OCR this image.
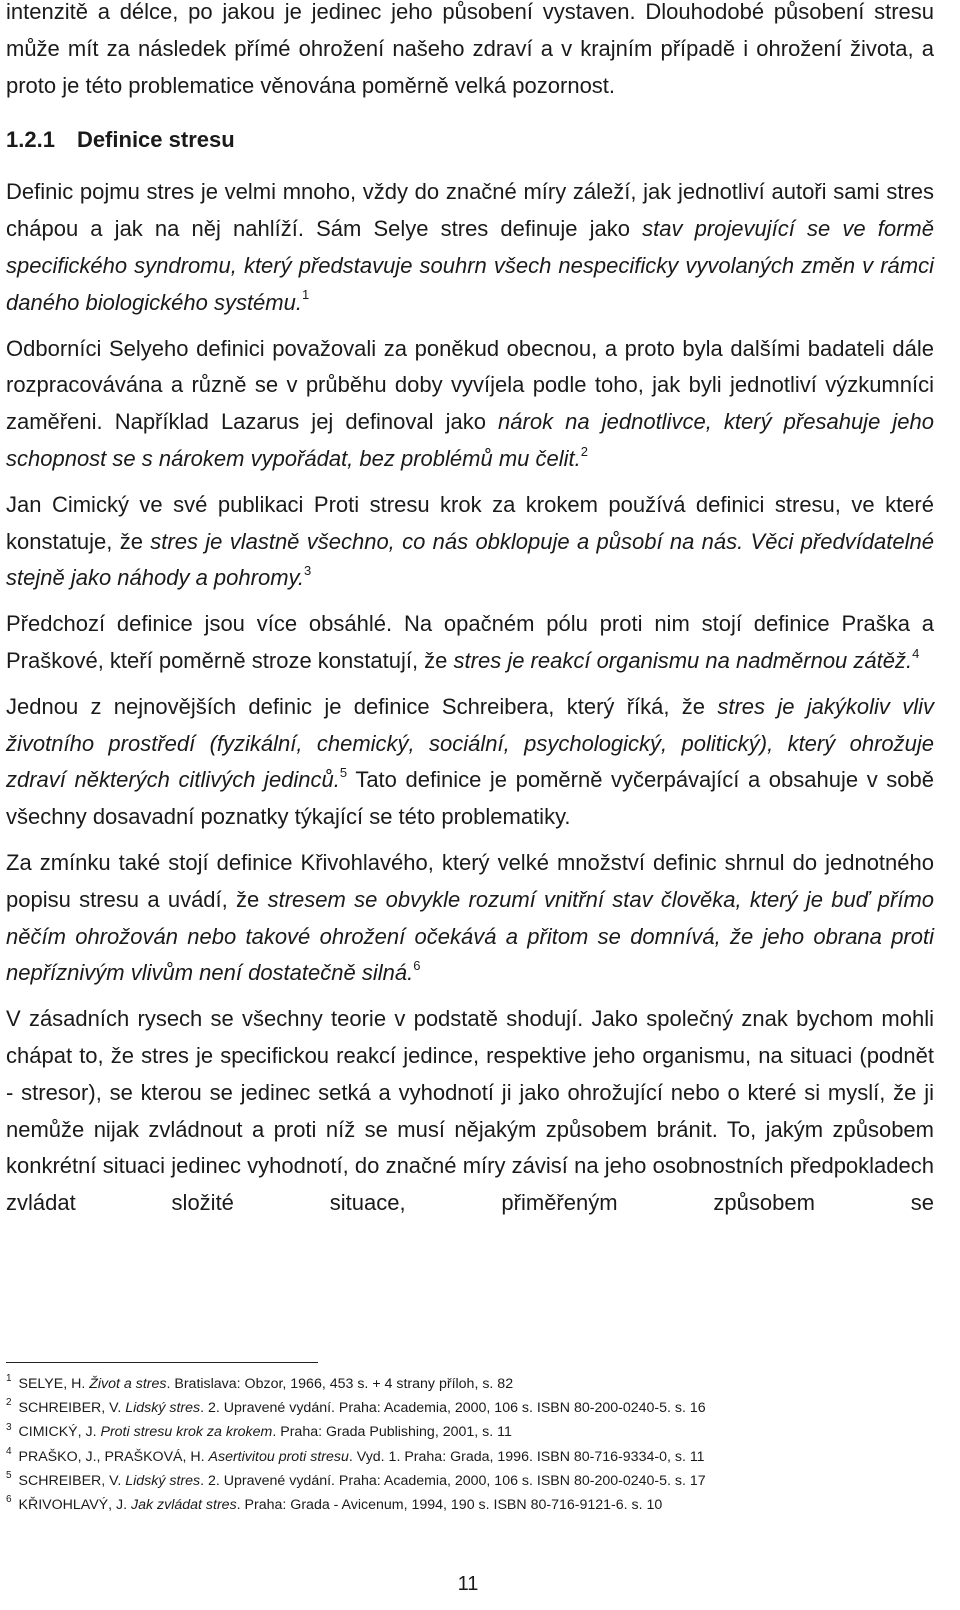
intenzitě a délce, po jakou je jedinec jeho působení vystaven. Dlouhodobé působení stresu může mít za následek přímé ohrožení našeho zdraví a v krajním případě i ohrožení života, a proto je této problematice věnována poměrně velká pozornost.

1.2.1 Definice stresu

Definic pojmu stres je velmi mnoho, vždy do značné míry záleží, jak jednotliví autoři sami stres chápou a jak na něj nahlíží. Sám Selye stres definuje jako stav projevující se ve formě specifického syndromu, který představuje souhrn všech nespecificky vyvolaných změn v rámci daného biologického systému.$^1$

Odborníci Selyeho definici považovali za poněkud obecnou, a proto byla dalšími badateli dále rozpracovávána a různě se v průběhu doby vyvíjela podle toho, jak byli jednotliví výzkumníci zaměřeni. Například Lazarus jej definoval jako nárok na jednotlivce, který přesahuje jeho schopnost se s nárokem vypořádat, bez problémů mu čelit.$^2$

Jan Cimický ve své publikaci Proti stresu krok za krokem používá definici stresu, ve které konstatuje, že stres je vlastně všechno, co nás obklopuje a působí na nás. Věci předvídatelné stejně jako náhody a pohromy.$^3$

Předchozí definice jsou více obsáhlé. Na opačném pólu proti nim stojí definice Praška a Praškové, kteří poměrně stroze konstatují, že stres je reakcí organismu na nadměrnou zátěž.$^4$

Jednou z nejnovějších definic je definice Schreibera, který říká, že stres je jakýkoliv vliv životního prostředí (fyzikální, chemický, sociální, psychologický, politický), který ohrožuje zdraví některých citlivých jedinců.$^5$ Tato definice je poměrně vyčerpávající a obsahuje v sobě všechny dosavadní poznatky týkající se této problematiky.

Za zmínku také stojí definice Křivohlavého, který velké množství definic shrnul do jednotného popisu stresu a uvádí, že stresem se obvykle rozumí vnitřní stav člověka, který je buď přímo něčím ohrožován nebo takové ohrožení očekává a přitom se domnívá, že jeho obrana proti nepříznivým vlivům není dostatečně silná.$^6$

V zásadních rysech se všechny teorie v podstatě shodují. Jako společný znak bychom mohli chápat to, že stres je specifickou reakcí jedince, respektive jeho organismu, na situaci (podnět - stresor), se kterou se jedinec setká a vyhodnotí ji jako ohrožující nebo o které si myslí, že ji nemůže nijak zvládnout a proti níž se musí nějakým způsobem bránit. To, jakým způsobem konkrétní situaci jedinec vyhodnotí, do značné míry závisí na jeho osobnostních předpokladech zvládat složité situace, přiměřeným způsobem se

$^1$ SELYE, H. Život a stres. Bratislava: Obzor, 1966, 453 s. + 4 strany příloh, s. 82
$^2$ SCHREIBER, V. Lidský stres. 2. Upravené vydání. Praha: Academia, 2000, 106 s. ISBN 80-200-0240-5. s. 16
$^3$ CIMICKÝ, J. Proti stresu krok za krokem. Praha: Grada Publishing, 2001, s. 11
$^4$ PRAŠKO, J., PRAŠKOVÁ, H. Asertivitou proti stresu. Vyd. 1. Praha: Grada, 1996. ISBN 80-716-9334-0, s. 11
$^5$ SCHREIBER, V. Lidský stres. 2. Upravené vydání. Praha: Academia, 2000, 106 s. ISBN 80-200-0240-5. s. 17
$^6$ KŘIVOHLAVÝ, J. Jak zvládat stres. Praha: Grada - Avicenum, 1994, 190 s. ISBN 80-716-9121-6. s. 10
11
